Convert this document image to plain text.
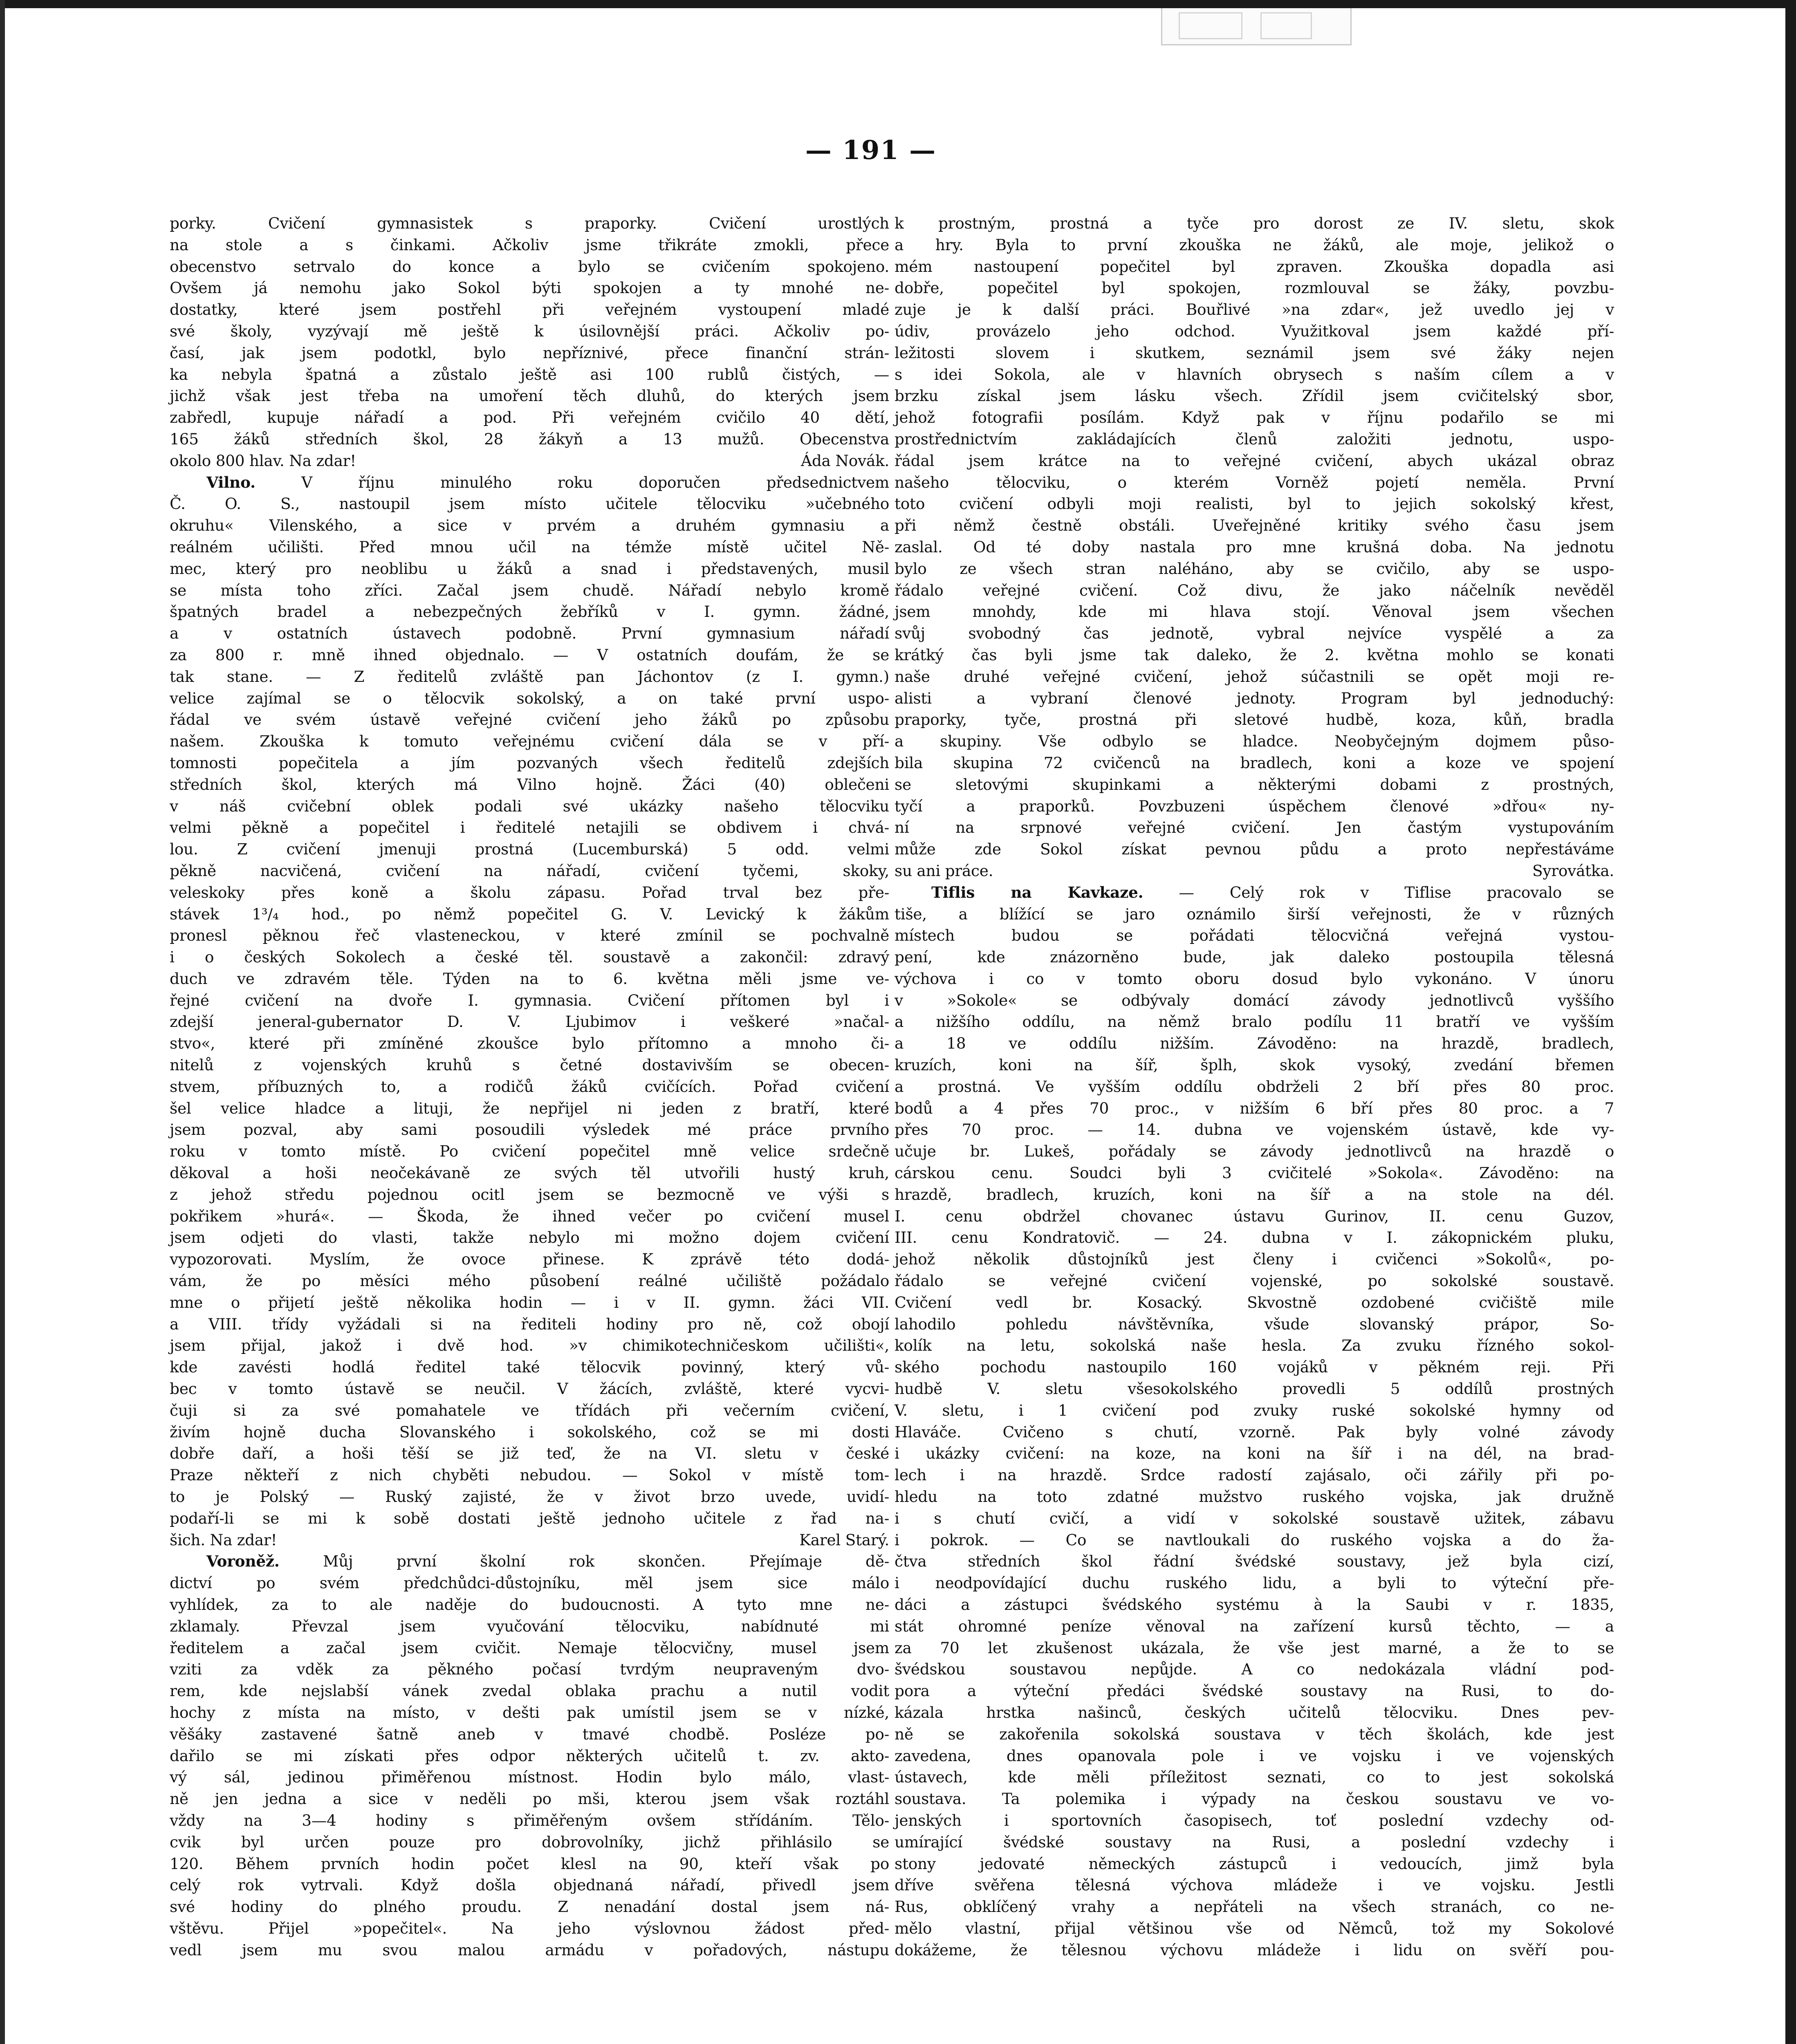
— 191 —
porky. Cvičení gymnasistek s praporky. Cvičení urostlých
na stole a s činkami. Ačkoliv jsme třikráte zmokli, přece
obecenstvo setrvalo do konce a bylo se cvičením spokojeno.
Ovšem já nemohu jako Sokol býti spokojen a ty mnohé ne-
dostatky, které jsem postřehl při veřejném vystoupení mladé
své školy, vyzývají mě ještě k úsilovnější práci. Ačkoliv po-
časí, jak jsem podotkl, bylo nepříznivé, přece finanční strán-
ka nebyla špatná a zůstalo ještě asi 100 rublů čistých, —
jichž však jest třeba na umoření těch dluhů, do kterých jsem
zabředl, kupuje nářadí a pod. Při veřejném cvičilo 40 dětí,
165 žáků středních škol, 28 žákyň a 13 mužů. Obecenstva
okolo 800 hlav. Na zdar!	Áda Novák.
Vilno. V říjnu minulého roku doporučen předsednictvem
Č. O. S., nastoupil jsem místo učitele tělocviku »učebného
okruhu« Vilenského, a sice v prvém a druhém gymnasiu a
reálném učilišti. Před mnou učil na témže místě učitel Ně-
mec, který pro neoblibu u žáků a snad i představených, musil
se místa toho zříci. Začal jsem chudě. Nářadí nebylo kromě
špatných bradel a nebezpečných žebříků v I. gymn. žádné,
a v ostatních ústavech podobně. První gymnasium nářadí
za 800 r. mně ihned objednalo. — V ostatních doufám, že se
tak stane. — Z ředitelů zvláště pan Jáchontov (z I. gymn.)
velice zajímal se o tělocvik sokolský, a on také první uspo-
řádal ve svém ústavě veřejné cvičení jeho žáků po způsobu
našem. Zkouška k tomuto veřejnému cvičení dála se v pří-
tomnosti popečitela a jím pozvaných všech ředitelů zdejších
středních škol, kterých má Vilno hojně. Žáci (40) oblečeni
v náš cvičební oblek podali své ukázky našeho tělocviku
velmi pěkně a popečitel i ředitelé netajili se obdivem i chvá-
lou. Z cvičení jmenuji prostná (Lucemburská) 5 odd. velmi
pěkně nacvičená, cvičení na nářadí, cvičení tyčemi, skoky,
veleskoky přes koně a školu zápasu. Pořad trval bez pře-
stávek 1³/₄ hod., po němž popečitel G. V. Levický k žákům
pronesl pěknou řeč vlasteneckou, v které zmínil se pochvalně
i o českých Sokolech a české těl. soustavě a zakončil: zdravý
duch ve zdravém těle. Týden na to 6. května měli jsme ve-
řejné cvičení na dvoře I. gymnasia. Cvičení přítomen byl i
zdejší jeneral-gubernator D. V. Ljubimov i veškeré »načal-
stvo«, které při zmíněné zkoušce bylo přítomno a mnoho či-
nitelů z vojenských kruhů s četné dostavivším se obecen-
stvem, příbuzných to, a rodičů žáků cvičících. Pořad cvičení
šel velice hladce a lituji, že nepřijel ni jeden z bratří, které
jsem pozval, aby sami posoudili výsledek mé práce prvního
roku v tomto místě. Po cvičení popečitel mně velice srdečně
děkoval a hoši neočekávaně ze svých těl utvořili hustý kruh,
z jehož středu pojednou ocitl jsem se bezmocně ve výši s
pokřikem »hurá«. — Škoda, že ihned večer po cvičení musel
jsem odjeti do vlasti, takže nebylo mi možno dojem cvičení
vypozorovati. Myslím, že ovoce přinese. K zprávě této dodá-
vám, že po měsíci mého působení reálné učiliště požádalo
mne o přijetí ještě několika hodin — i v II. gymn. žáci VII.
a VIII. třídy vyžádali si na řediteli hodiny pro ně, což obojí
jsem přijal, jakož i dvě hod. »v chimikotechničeskom učilišti«,
kde zavésti hodlá ředitel také tělocvik povinný, který vů-
bec v tomto ústavě se neučil. V žácích, zvláště, které vycvi-
čuji si za své pomahatele ve třídách při večerním cvičení,
živím hojně ducha Slovanského i sokolského, což se mi dosti
dobře daří, a hoši těší se již teď, že na VI. sletu v české
Praze někteří z nich chyběti nebudou. — Sokol v místě tom-
to je Polský — Ruský zajisté, že v život brzo uvede, uvidí-
podaří-li se mi k sobě dostati ještě jednoho učitele z řad na-
šich. Na zdar!	Karel Starý.
Voroněž. Můj první školní rok skončen. Přejímaje dě-
dictví po svém předchůdci-důstojníku, měl jsem sice málo
vyhlídek, za to ale naděje do budoucnosti. A tyto mne ne-
zklamaly. Převzal jsem vyučování tělocviku, nabídnuté mi
ředitelem a začal jsem cvičit. Nemaje tělocvičny, musel jsem
vziti za vděk za pěkného počasí tvrdým neupraveným dvo-
rem, kde nejslabší vánek zvedal oblaka prachu a nutil vodit
hochy z místa na místo, v dešti pak umístil jsem se v nízké,
věšáky zastavené šatně aneb v tmavé chodbě. Posléze po-
dařilo se mi získati přes odpor některých učitelů t. zv. akto-
vý sál, jedinou přiměřenou místnost. Hodin bylo málo, vlast-
ně jen jedna a sice v neděli po mši, kterou jsem však roztáhl
vždy na 3—4 hodiny s přiměřeným ovšem střídáním. Tělo-
cvik byl určen pouze pro dobrovolníky, jichž přihlásilo se
120. Během prvních hodin počet klesl na 90, kteří však po
celý rok vytrvali. Když došla objednaná nářadí, přivedl jsem
své hodiny do plného proudu. Z nenadání dostal jsem ná-
vštěvu. Přijel »popečitel«. Na jeho výslovnou žádost před-
vedl jsem mu svou malou armádu v pořadových, nástupu
k prostným, prostná a tyče pro dorost ze IV. sletu, skok
a hry. Byla to první zkouška ne žáků, ale moje, jelikož o
mém nastoupení popečitel byl zpraven. Zkouška dopadla asi
dobře, popečitel byl spokojen, rozmlouval se žáky, povzbu-
zuje je k další práci. Bouřlivé »na zdar«, jež uvedlo jej v
údiv, provázelo jeho odchod. Využitkoval jsem každé pří-
ležitosti slovem i skutkem, seznámil jsem své žáky nejen
s idei Sokola, ale v hlavních obrysech s naším cílem a v
brzku získal jsem lásku všech. Zřídil jsem cvičitelský sbor,
jehož fotografii posílám. Když pak v říjnu podařilo se mi
prostřednictvím zakládajících členů založiti jednotu, uspo-
řádal jsem krátce na to veřejné cvičení, abych ukázal obraz
našeho tělocviku, o kterém Vorněž pojetí neměla. První
toto cvičení odbyli moji realisti, byl to jejich sokolský křest,
při němž čestně obstáli. Uveřejněné kritiky svého času jsem
zaslal. Od té doby nastala pro mne krušná doba. Na jednotu
bylo ze všech stran naléháno, aby se cvičilo, aby se uspo-
řádalo veřejné cvičení. Což divu, že jako náčelník nevěděl
jsem mnohdy, kde mi hlava stojí. Věnoval jsem všechen
svůj svobodný čas jednotě, vybral nejvíce vyspělé a za
krátký čas byli jsme tak daleko, že 2. května mohlo se konati
naše druhé veřejné cvičení, jehož súčastnili se opět moji re-
alisti a vybraní členové jednoty. Program byl jednoduchý:
praporky, tyče, prostná při sletové hudbě, koza, kůň, bradla
a skupiny. Vše odbylo se hladce. Neobyčejným dojmem půso-
bila skupina 72 cvičenců na bradlech, koni a koze ve spojení
se sletovými skupinkami a některými dobami z prostných,
tyčí a praporků. Povzbuzeni úspěchem členové »dřou« ny-
ní na srpnové veřejné cvičení. Jen častým vystupováním
může zde Sokol získat pevnou půdu a proto nepřestáváme
su ani práce.	Syrovátka.
Tiflis na Kavkaze. — Celý rok v Tiflise pracovalo se
tiše, a blížící se jaro oznámilo širší veřejnosti, že v různých
místech budou se pořádati tělocvičná veřejná vystou-
pení, kde znázorněno bude, jak daleko postoupila tělesná
výchova i co v tomto oboru dosud bylo vykonáno. V únoru
v »Sokole« se odbývaly domácí závody jednotlivců vyššího
a nižšího oddílu, na němž bralo podílu 11 bratří ve vyšším
a 18 ve oddílu nižším. Závoděno: na hrazdě, bradlech,
kruzích, koni na šíř, šplh, skok vysoký, zvedání břemen
a prostná. Ve vyšším oddílu obdrželi 2 bří přes 80 proc.
bodů a 4 přes 70 proc., v nižším 6 bří přes 80 proc. a 7
přes 70 proc. — 14. dubna ve vojenském ústavě, kde vy-
učuje br. Lukeš, pořádaly se závody jednotlivců na hrazdě o
cárskou cenu. Soudci byli 3 cvičitelé »Sokola«. Závoděno: na
hrazdě, bradlech, kruzích, koni na šíř a na stole na dél.
I. cenu obdržel chovanec ústavu Gurinov, II. cenu Guzov,
III. cenu Kondratovič. — 24. dubna v I. zákopnickém pluku,
jehož několik důstojníků jest členy i cvičenci »Sokolů«, po-
řádalo se veřejné cvičení vojenské, po sokolské soustavě.
Cvičení vedl br. Kosacký. Skvostně ozdobené cvičiště mile
lahodilo pohledu návštěvníka, všude slovanský prápor, So-
kolík na letu, sokolská naše hesla. Za zvuku řízného sokol-
ského pochodu nastoupilo 160 vojáků v pěkném reji. Při
hudbě V. sletu všesokolského provedli 5 oddílů prostných
V. sletu, i 1 cvičení pod zvuky ruské sokolské hymny od
Hlaváče. Cvičeno s chutí, vzorně. Pak byly volné závody
i ukázky cvičení: na koze, na koni na šíř i na dél, na brad-
lech i na hrazdě. Srdce radostí zajásalo, oči zářily při po-
hledu na toto zdatné mužstvo ruského vojska, jak družně
i s chutí cvičí, a vidí v sokolské soustavě užitek, zábavu
i pokrok. — Co se navtloukali do ruského vojska a do ža-
čtva středních škol řádní švédské soustavy, jež byla cizí,
i neodpovídající duchu ruského lidu, a byli to výteční pře-
dáci a zástupci švédského systému à la Saubi v r. 1835,
stát ohromné peníze věnoval na zařízení kursů těchto, — a
za 70 let zkušenost ukázala, že vše jest marné, a že to se
švédskou soustavou nepůjde. A co nedokázala vládní pod-
pora a výteční předáci švédské soustavy na Rusi, to do-
kázala hrstka našinců, českých učitelů tělocviku. Dnes pev-
ně se zakořenila sokolská soustava v těch školách, kde jest
zavedena, dnes opanovala pole i ve vojsku i ve vojenských
ústavech, kde měli příležitost seznati, co to jest sokolská
soustava. Ta polemika i výpady na českou soustavu ve vo-
jenských i sportovních časopisech, toť poslední vzdechy od-
umírající švédské soustavy na Rusi, a poslední vzdechy i
stony jedovaté německých zástupců i vedoucích, jimž byla
dříve svěřena tělesná výchova mládeže i ve vojsku. Jestli
Rus, obklíčený vrahy a nepřáteli na všech stranách, co ne-
mělo vlastní, přijal většinou vše od Němců, tož my Sokolové
dokážeme, že tělesnou výchovu mládeže i lidu on svěří pou-
